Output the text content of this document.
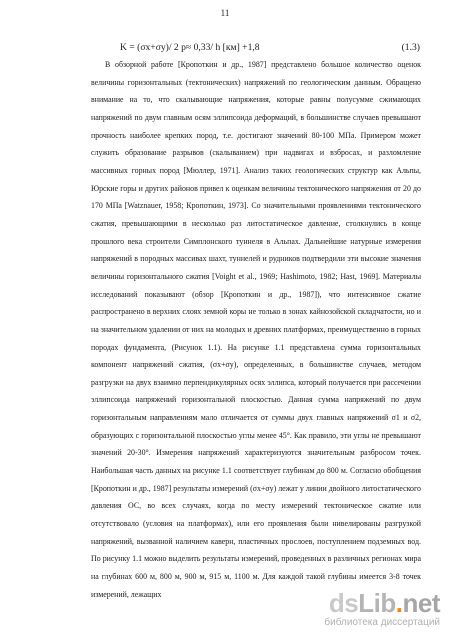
11
K = (σx+σy)/ 2 p≈ 0,33/ h [км] +1,8	(1.3)

В обзорной работе [Кропоткин и др., 1987] представлено большое количество оценок величины горизонтальных (тектонических) напряжений по геологическим данным. Обращено внимание на то, что скалывающие напряжения, которые равны полусумме сжимающих напряжений по двум главным осям эллипсоида деформаций, в большинстве случаев превышают прочность наиболее крепких пород, т.е. достигают значений 80-100 МПа. Примером может служить образование разрывов (скалыванием) при надвигах и взбросах, и разломление массивных горных пород [Мюллер, 1971]. Анализ таких геологических структур как Альпы, Юрские горы и других районов привел к оценкам величины тектонического напряжения от 20 до 170 МПа [Watznauer, 1958; Кропоткин, 1973]. Со значительными проявлениями тектонического сжатия, превышающими в несколько раз литостатическое давление, столкнулись в конце прошлого века строители Симплонского туннеля в Альпах. Дальнейшие натурные измерения напряжений в породных массивах шахт, туннелей и рудников подтвердили эти высокие значения величины горизонтального сжатия [Voight et al., 1969; Hashimoto, 1982; Hast, 1969]. Материалы исследований показывают (обзор [Кропоткин и др., 1987]), что интенсивное сжатие распространено в верхних слоях земной коры не только в зонах кайнозойской складчатости, но и на значительном удалении от них на молодых и древних платформах, преимущественно в горных породах фундамента, (Рисунок 1.1). На рисунке 1.1 представлена сумма горизонтальных компонент напряжений сжатия, (σx+σy), определенных, в большинстве случаев, методом разгрузки на двух взаимно перпендикулярных осях эллипса, который получается при рассечении эллипсоида напряжений горизонтальной плоскостью. Данная сумма напряжений по двум горизонтальным направлениям мало отличается от суммы двух главных напряжений σ1 и σ2, образующих с горизонтальной плоскостью углы менее 45°. Как правило, эти углы не превышают значений 20-30°. Измерения напряжений характеризуются значительным разбросом точек. Наибольшая часть данных на рисунке 1.1 соответствует глубинам до 800 м. Согласно обобщения [Кропоткин и др., 1987] результаты измерений (σx+σy) лежат у линии двойного литостатического давления ОС, во всех случаях, когда по месту измерений тектоническое сжатие или отсутствовало (условия на платформах), или его проявления были нивелированы разгрузкой напряжений, вызванной наличием каверн, пластичных прослоев, поступлением подземных вод. По рисунку 1.1 можно выделить результаты измерений, проведенных в различных регионах мира на глубинах 600 м, 800 м, 900 м, 915 м, 1100 м. Для каждой такой глубины имеется 3-8 точек измерений, лежащих	dsLib.net
библиотека диссертаций
